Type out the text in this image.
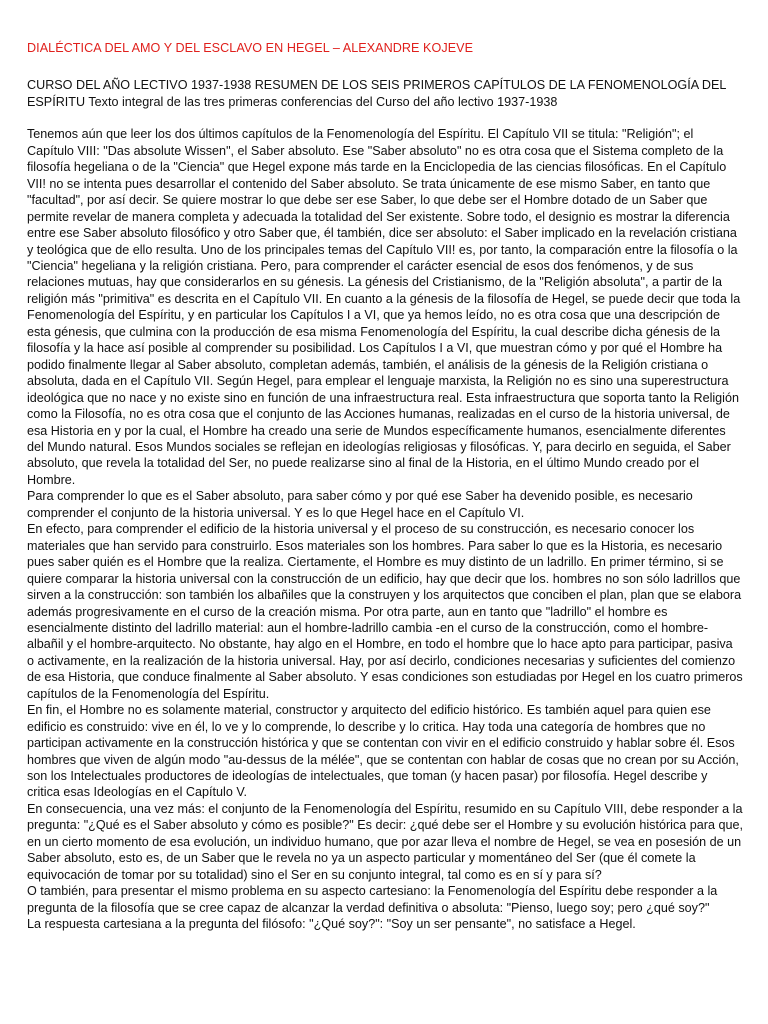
DIALÉCTICA DEL AMO Y DEL ESCLAVO EN HEGEL – ALEXANDRE KOJEVE
CURSO DEL AÑO LECTIVO 1937-1938 RESUMEN DE LOS SEIS PRIMEROS CAPÍTULOS DE LA FENOMENOLOGÍA DEL ESPÍRITU Texto integral de las tres primeras conferencias del Curso del año lectivo 1937-1938

Tenemos aún que leer los dos últimos capítulos de la Fenomenología del Espíritu. El Capítulo VII se titula: "Religión"; el Capítulo VIII: "Das absolute Wissen", el Saber absoluto. Ese "Saber absoluto" no es otra cosa que el Sistema completo de la filosofía hegeliana o de la "Ciencia" que Hegel expone más tarde en la Enciclopedia de las ciencias filosóficas. En el Capítulo VII! no se intenta pues desarrollar el contenido del Saber absoluto. Se trata únicamente de ese mismo Saber, en tanto que "facultad", por así decir. Se quiere mostrar lo que debe ser ese Saber, lo que debe ser el Hombre dotado de un Saber que permite revelar de manera completa y adecuada la totalidad del Ser existente. Sobre todo, el designio es mostrar la diferencia entre ese Saber absoluto filosófico y otro Saber que, él también, dice ser absoluto: el Saber implicado en la revelación cristiana y teológica que de ello resulta. Uno de los principales temas del Capítulo VII! es, por tanto, la comparación entre la filosofía o la "Ciencia" hegeliana y la religión cristiana. Pero, para comprender el carácter esencial de esos dos fenómenos, y de sus relaciones mutuas, hay que considerarlos en su génesis. La génesis del Cristianismo, de la "Religión absoluta", a partir de la religión más "primitiva" es descrita en el Capítulo VII. En cuanto a la génesis de la filosofía de Hegel, se puede decir que toda la Fenomenología del Espíritu, y en particular los Capítulos I a VI, que ya hemos leído, no es otra cosa que una descripción de esta génesis, que culmina con la producción de esa misma Fenomenología del Espíritu, la cual describe dicha génesis de la filosofía y la hace así posible al comprender su posibilidad. Los Capítulos I a VI, que muestran cómo y por qué el Hombre ha podido finalmente llegar al Saber absoluto, completan además, también, el análisis de la génesis de la Religión cristiana o absoluta, dada en el Capítulo VII. Según Hegel, para emplear el lenguaje marxista, la Religión no es sino una superestructura ideológica que no nace y no existe sino en función de una infraestructura real. Esta infraestructura que soporta tanto la Religión como la Filosofía, no es otra cosa que el conjunto de las Acciones humanas, realizadas en el curso de la historia universal, de esa Historia en y por la cual, el Hombre ha creado una serie de Mundos específicamente humanos, esencialmente diferentes del Mundo natural. Esos Mundos sociales se reflejan en ideologías religiosas y filosóficas. Y, para decirlo en seguida, el Saber absoluto, que revela la totalidad del Ser, no puede realizarse sino al final de la Historia, en el último Mundo creado por el Hombre.

Para comprender lo que es el Saber absoluto, para saber cómo y por qué ese Saber ha devenido posible, es necesario comprender el conjunto de la historia universal. Y es lo que Hegel hace en el Capítulo VI.

En efecto, para comprender el edificio de la historia universal y el proceso de su construcción, es necesario conocer los materiales que han servido para construirlo. Esos materiales son los hombres. Para saber lo que es la Historia, es necesario pues saber quién es el Hombre que la realiza. Ciertamente, el Hombre es muy distinto de un ladrillo. En primer término, si se quiere comparar la historia universal con la construcción de un edificio, hay que decir que los. hombres no son sólo ladrillos que sirven a la construcción: son también los albañiles que la construyen y los arquitectos que conciben el plan, plan que se elabora además progresivamente en el curso de la creación misma. Por otra parte, aun en tanto que "ladrillo" el hombre es esencialmente distinto del ladrillo material: aun el hombre-ladrillo cambia -en el curso de la construcción, como el hombre-albañil y el hombre-arquitecto. No obstante, hay algo en el Hombre, en todo el hombre que lo hace apto para participar, pasiva o activamente, en la realización de la historia universal. Hay, por así decirlo, condiciones necesarias y suficientes del comienzo de esa Historia, que conduce finalmente al Saber absoluto. Y esas condiciones son estudiadas por Hegel en los cuatro primeros capítulos de la Fenomenología del Espíritu.

En fin, el Hombre no es solamente material, constructor y arquitecto del edificio histórico. Es también aquel para quien ese edificio es construido: vive en él, lo ve y lo comprende, lo describe y lo critica. Hay toda una categoría de hombres que no participan activamente en la construcción histórica y que se contentan con vivir en el edificio construido y hablar sobre él. Esos hombres que viven de algún modo "au-dessus de la mélée", que se contentan con hablar de cosas que no crean por su Acción, son los Intelectuales productores de ideologías de intelectuales, que toman (y hacen pasar) por filosofía. Hegel describe y critica esas Ideologías en el Capítulo V.

En consecuencia, una vez más: el conjunto de la Fenomenología del Espíritu, resumido en su Capítulo VIII, debe responder a la pregunta: "¿Qué es el Saber absoluto y cómo es posible?" Es decir: ¿qué debe ser el Hombre y su evolución histórica para que, en un cierto momento de esa evolución, un individuo humano, que por azar lleva el nombre de Hegel, se vea en posesión de un Saber absoluto, esto es, de un Saber que le revela no ya un aspecto particular y momentáneo del Ser (que él comete la equivocación de tomar por su totalidad) sino el Ser en su conjunto integral, tal como es en sí y para sí?

O también, para presentar el mismo problema en su aspecto cartesiano: la Fenomenología del Espíritu debe responder a la pregunta de la filosofía que se cree capaz de alcanzar la verdad definitiva o absoluta: "Pienso, luego soy; pero ¿qué soy?"

La respuesta cartesiana a la pregunta del filósofo: "¿Qué soy?": "Soy un ser pensante", no satisface a Hegel.
